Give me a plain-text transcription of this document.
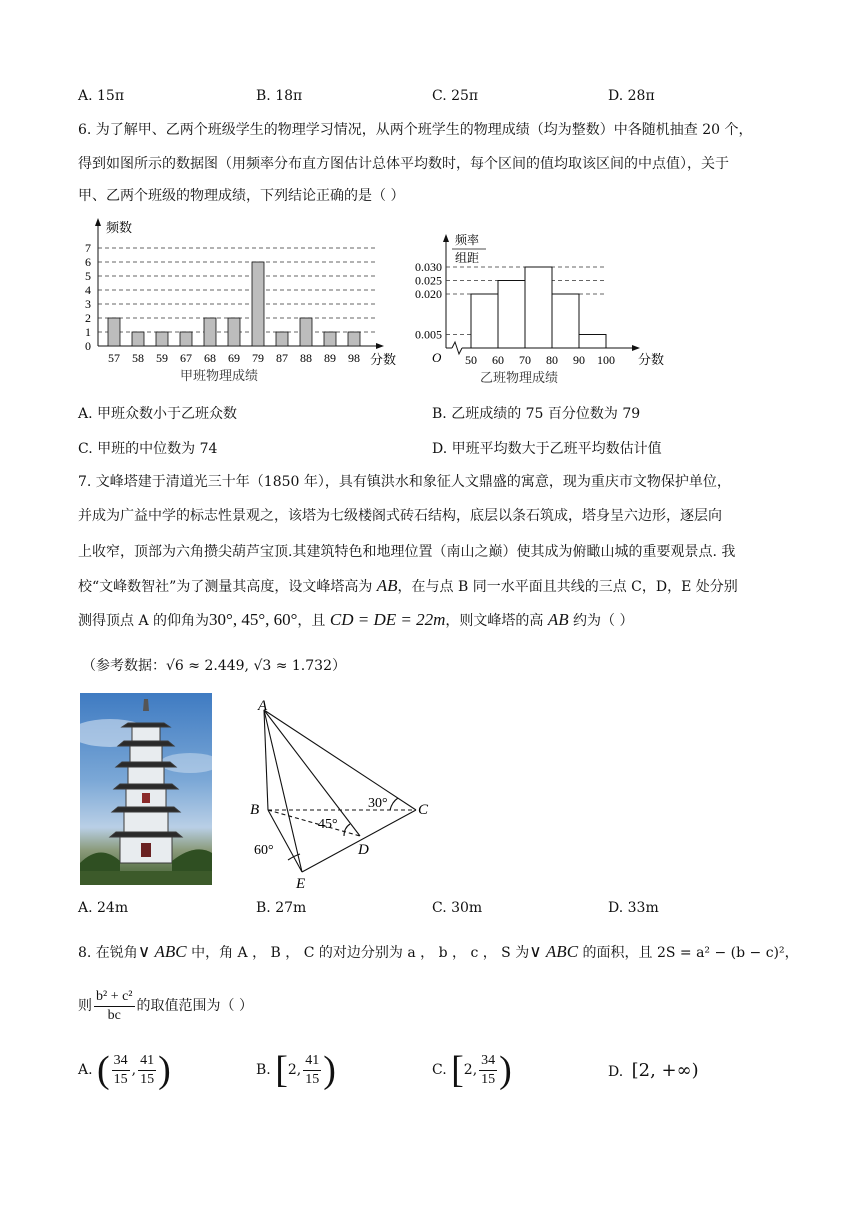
A. 15π	B. 18π	C. 25π	D. 28π
6. 为了解甲、乙两个班级学生的物理学习情况，从两个班学生的物理成绩（均为整数）中各随机抽查 20 个，
得到如图所示的数据图（用频率分布直方图估计总体平均数时，每个区间的值均取该区间的中点值），关于
甲、乙两个班级的物理成绩，下列结论正确的是（ ）
频数
分数
甲班物理成绩
0
1
2
3
4
5
6
7
57 58 59 67 68 69 79 87 88 89 98
频率
组距
O	分数
乙班物理成绩
0.005
0.020
0.025
0.030
50 60 70 80 90 100
A. 甲班众数小于乙班众数	B. 乙班成绩的 75 百分位数为 79
C. 甲班的中位数为 74	D. 甲班平均数大于乙班平均数估计值
7. 文峰塔建于清道光三十年（1850 年），具有镇洪水和象征人文鼎盛的寓意，现为重庆市文物保护单位，
并成为广益中学的标志性景观之，该塔为七级楼阁式砖石结构，底层以条石筑成，塔身呈六边形，逐层向
上收窄，顶部为六角攒尖葫芦宝顶.其建筑特色和地理位置（南山之巅）使其成为俯瞰山城的重要观景点. 我
校“文峰数智社”为了测量其高度，设文峰塔高为 AB，在与点 B 同一水平面且共线的三点 C，D，E 处分别
测得顶点 A 的仰角为30°, 45°, 60°，且 CD = DE = 22m，则文峰塔的高 AB 约为（ ）
（参考数据：√6 ≈ 2.449, √3 ≈ 1.732）
A
B	C
D
E
30°
45°
60°
A. 24m	B. 27m	C. 30m	D. 33m
8. 在锐角∨ ABC 中，角 A ， B ， C 的对边分别为 a ， b ， c ， S 为∨ ABC 的面积，且 2S = a² − (b − c)²，
则 $\frac{\text{b² + c²}}{bc}$ 的取值范围为（ ）
A. ( $\frac{34}{15}$ , $\frac{41}{15}$ )	B. [2, $\frac{41}{15}$ )	C. [2, $\frac{34}{15}$ )	D. [2, +∞)
